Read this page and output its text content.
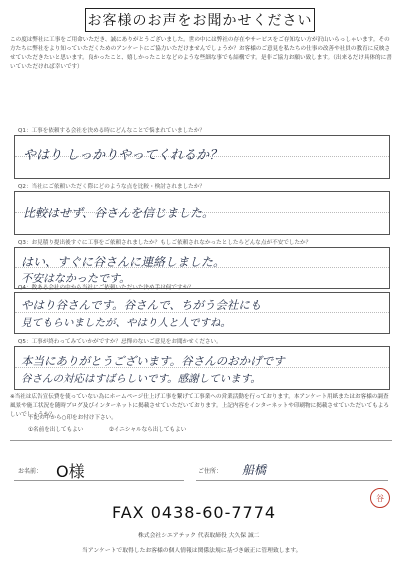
お客様のお声をお聞かせください
この度は弊社に工事をご用命いただき、誠にありがとうございました。世の中には弊社の存在やサービスをご存知ない方が沢山いらっしゃいます。その方たちに弊社をより知っていただくためのアンケートにご協力いただけませんでしょうか？お客様のご意見を私たちの仕事の改善や社員の教育に反映させていただきたいと思います。良かったこと、嬉しかったことなどのような些細な事でも結構です。是非ご協力お願い致します。（出来るだけ具体的に書いていただければ幸いです）
Q1：工事を依頼する会社を決める時にどんなことで悩まれていましたか？
やはり しっかりやってくれるか？
Q2：当社にご依頼いただく際にどのような点を比較・検討されましたか？
比較はせず、谷さんを信じました。
Q3：お見積り提出後すぐに工事をご依頼されましたか？もしご依頼されなかったとしたらどんな点が不安でしたか？
はい、すぐに谷さんに連絡しました。
不安はなかったです。
Q4：数ある会社の中から当社にご依頼いただいた決め手は何ですか？
やはり谷さんです。谷さんで、ちがう会社にも
見てもらいましたが、やはり人と人ですね。
Q5：工事が終わってみていかがですか？忌憚のないご意見をお聞かせください。
本当にありがとうございます。谷さんのおかげです
谷さんの対応はすばらしいです。感謝しています。
※当社は広告宣伝費を使っていない為にホームページ仕上げ工事を繋げて工事業への営業活動を行っております。本アンケート用紙またはお客様の調査風景や施工状況を随時ブログ及びインターネットに掲載させていただいております。上記内容をインターネットや印刷物に掲載させていただいてもよろしいでしょうか？
下記の中から○印をお付け下さい。
①名前を出してもよい	②イニシャルなら出してもよい
お名前： O様	ご住所： 船橋
谷
FAX 0438-60-7774
株式会社シエアテック 代表取締役 大久保 誠二
当アンケートで取得したお客様の個人情報は関係法規に基づき厳正に管理致します。
